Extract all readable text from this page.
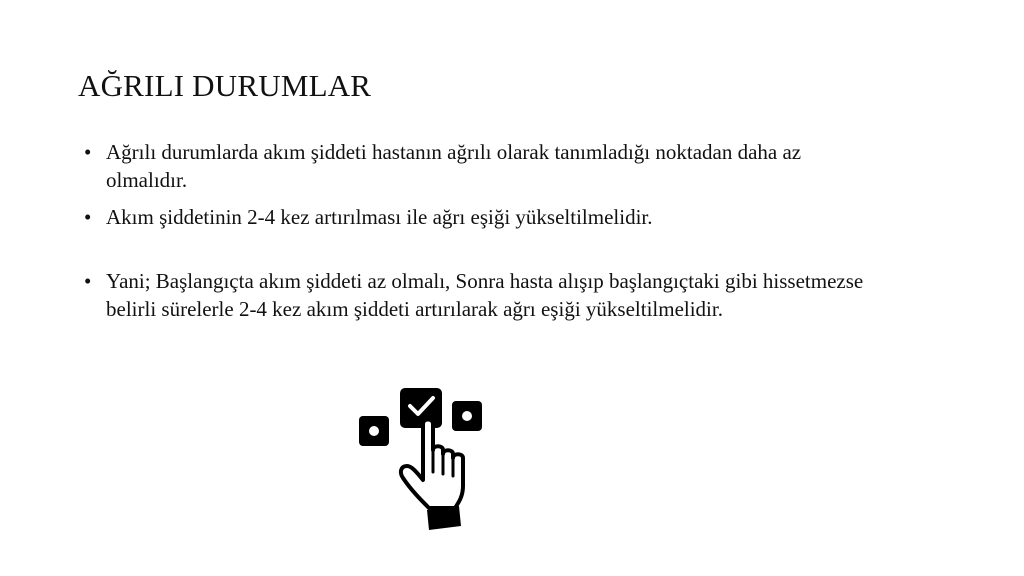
AĞRILI DURUMLAR
• Ağrılı durumlarda akım şiddeti hastanın ağrılı olarak tanımladığı noktadan daha az olmalıdır.
• Akım şiddetinin 2-4 kez artırılması ile ağrı eşiği yükseltilmelidir.
• Yani; Başlangıçta akım şiddeti az olmalı, Sonra hasta alışıp başlangıçtaki gibi hissetmezse belirli sürelerle 2-4 kez akım şiddeti artırılarak ağrı eşiği yükseltilmelidir.
